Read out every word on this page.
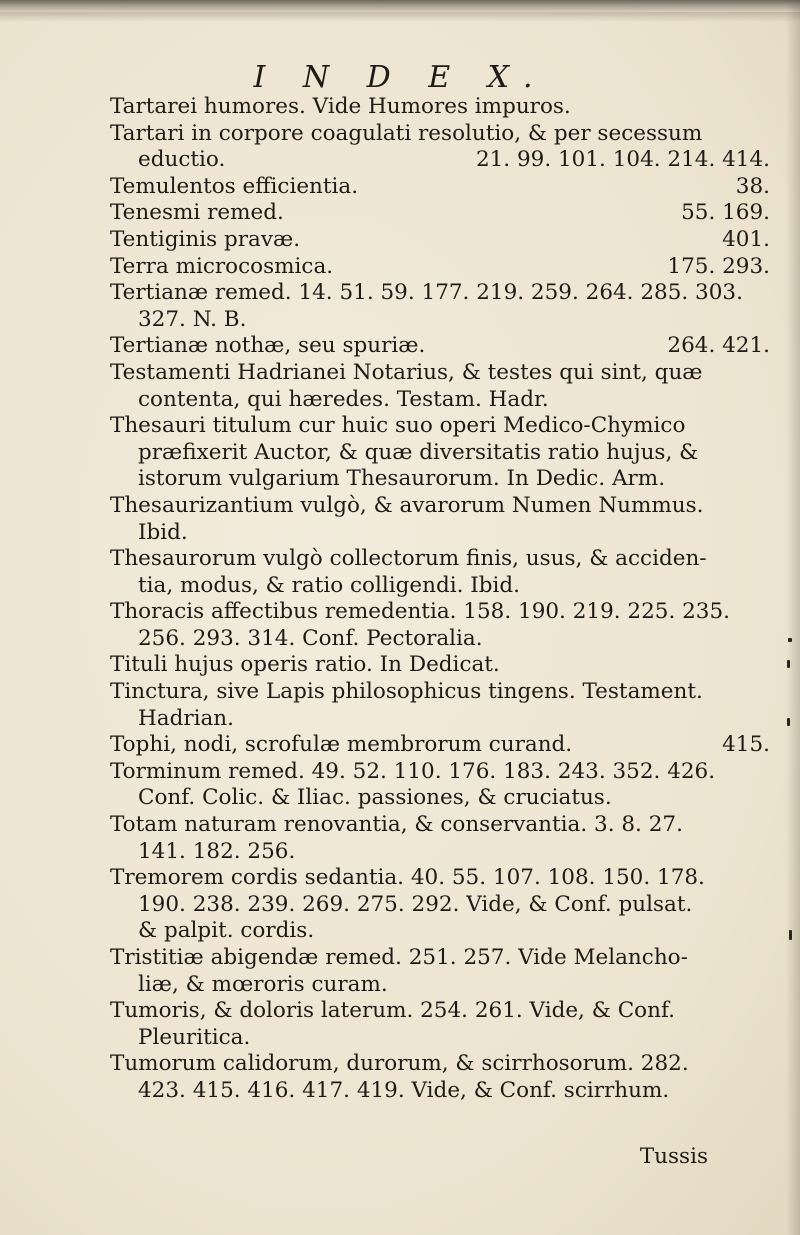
I N D E X.
Tartarei humores. Vide Humores impuros.
Tartari in corpore coagulati resolutio, & per secessum
eductio.	21. 99. 101. 104. 214. 414.
Temulentos efficientia.	38.
Tenesmi remed.	55. 169.
Tentiginis pravæ.	401.
Terra microcosmica.	175. 293.
Tertianæ remed. 14. 51. 59. 177. 219. 259. 264. 285. 303.
327. N. B.
Tertianæ nothæ, seu spuriæ.	264. 421.
Testamenti Hadrianei Notarius, & testes qui sint, quæ
contenta, qui hæredes. Testam. Hadr.
Thesauri titulum cur huic suo operi Medico-Chymico
præfixerit Auctor, & quæ diversitatis ratio hujus, &
istorum vulgarium Thesaurorum. In Dedic. Arm.
Thesaurizantium vulgò, & avarorum Numen Nummus.
Ibid.
Thesaurorum vulgò collectorum finis, usus, & acciden-
tia, modus, & ratio colligendi. Ibid.
Thoracis affectibus remedentia. 158. 190. 219. 225. 235.
256. 293. 314. Conf. Pectoralia.
Tituli hujus operis ratio. In Dedicat.
Tinctura, sive Lapis philosophicus tingens. Testament.
Hadrian.
Tophi, nodi, scrofulæ membrorum curand.	415.
Torminum remed. 49. 52. 110. 176. 183. 243. 352. 426.
Conf. Colic. & Iliac. passiones, & cruciatus.
Totam naturam renovantia, & conservantia. 3. 8. 27.
141. 182. 256.
Tremorem cordis sedantia. 40. 55. 107. 108. 150. 178.
190. 238. 239. 269. 275. 292. Vide, & Conf. pulsat.
& palpit. cordis.
Tristitiæ abigendæ remed. 251. 257. Vide Melancho-
liæ, & mœroris curam.
Tumoris, & doloris laterum. 254. 261. Vide, & Conf.
Pleuritica.
Tumorum calidorum, durorum, & scirrhosorum. 282.
423. 415. 416. 417. 419. Vide, & Conf. scirrhum.
Tussis
